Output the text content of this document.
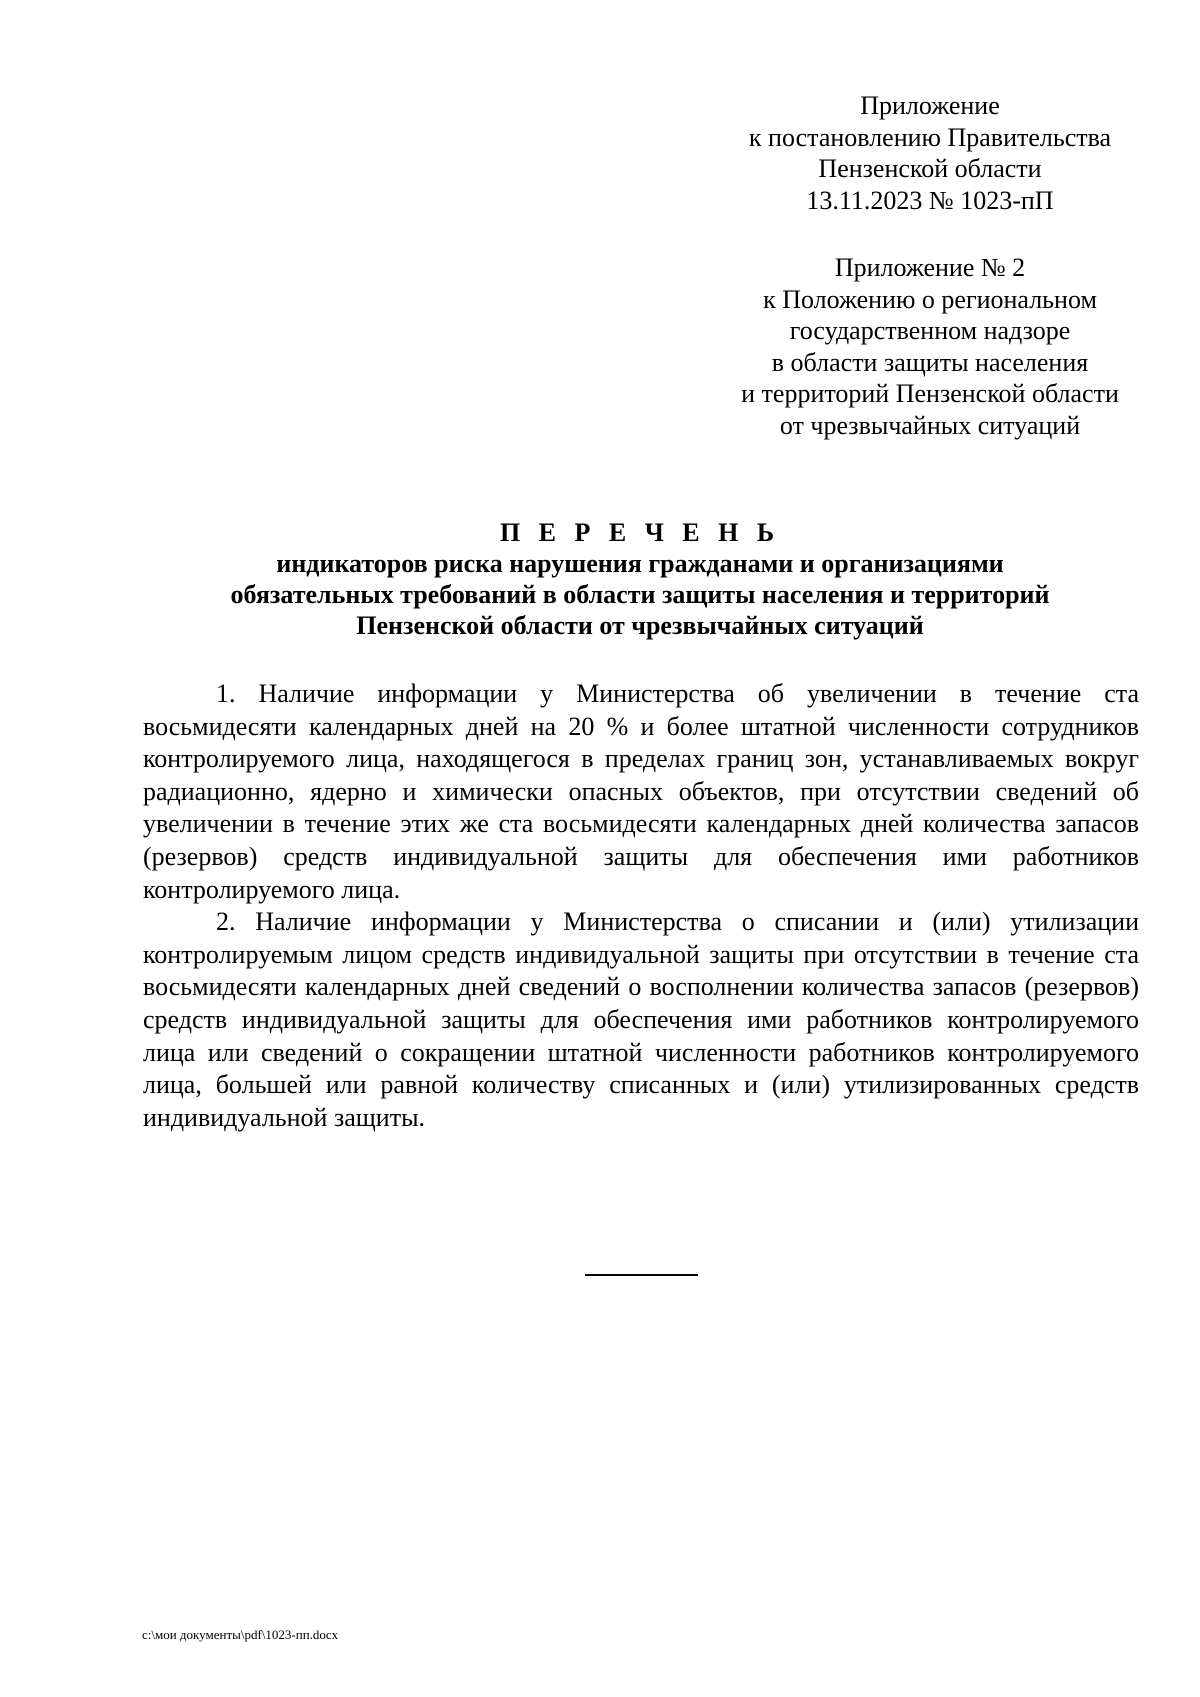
Приложение
к постановлению Правительства
Пензенской области
13.11.2023 № 1023-пП
Приложение № 2
к Положению о региональном
государственном надзоре
в области защиты населения
и территорий Пензенской области
от чрезвычайных ситуаций
П Е Р Е Ч Е Н Ь
индикаторов риска нарушения гражданами и организациями
обязательных требований в области защиты населения и территорий
Пензенской области от чрезвычайных ситуаций

1. Наличие информации у Министерства об увеличении в течение ста восьмидесяти календарных дней на 20 % и более штатной численности сотрудников контролируемого лица, находящегося в пределах границ зон, устанавливаемых вокруг радиационно, ядерно и химически опасных объектов, при отсутствии сведений об увеличении в течение этих же ста восьмидесяти календарных дней количества запасов (резервов) средств индивидуальной защиты для обеспечения ими работников контролируемого лица.

2. Наличие информации у Министерства о списании и (или) утилизации контролируемым лицом средств индивидуальной защиты при отсутствии в течение ста восьмидесяти календарных дней сведений о восполнении количества запасов (резервов) средств индивидуальной защиты для обеспечения ими работников контролируемого лица или сведений о сокращении штатной численности работников контролируемого лица, большей или равной количеству списанных и (или) утилизированных средств индивидуальной защиты.

c:\мои документы\pdf\1023-пп.docx
